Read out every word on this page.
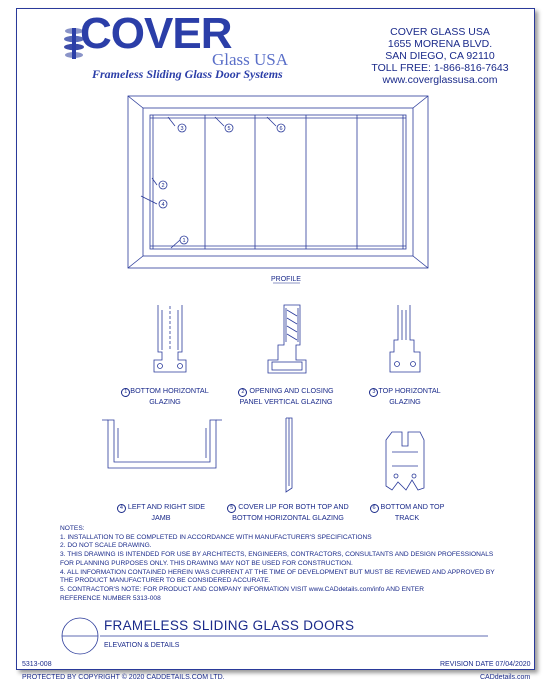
COVER
Glass USA
Frameless Sliding Glass Door Systems
COVER GLASS USA
1655 MORENA BLVD.
SAN DIEGO, CA 92110
TOLL FREE: 1-866-816-7643
www.coverglassusa.com
3	5	6
2
4
1
PROFILE
1 BOTTOM HORIZONTAL
GLAZING
2 OPENING AND CLOSING
PANEL VERTICAL GLAZING
3 TOP HORIZONTAL
GLAZING
4 LEFT AND RIGHT SIDE
JAMB
5 COVER LIP FOR BOTH TOP AND
BOTTOM HORIZONTAL GLAZING
6 BOTTOM AND TOP
TRACK
NOTES:
1. INSTALLATION TO BE COMPLETED IN ACCORDANCE WITH MANUFACTURER'S SPECIFICATIONS
2. DO NOT SCALE DRAWING.
3. THIS DRAWING IS INTENDED FOR USE BY ARCHITECTS, ENGINEERS, CONTRACTORS, CONSULTANTS AND DESIGN PROFESSIONALS
FOR PLANNING PURPOSES ONLY. THIS DRAWING MAY NOT BE USED FOR CONSTRUCTION.
4. ALL INFORMATION CONTAINED HEREIN WAS CURRENT AT THE TIME OF DEVELOPMENT BUT MUST BE REVIEWED AND APPROVED BY
THE PRODUCT MANUFACTURER TO BE CONSIDERED ACCURATE.
5. CONTRACTOR'S NOTE: FOR PRODUCT AND COMPANY INFORMATION VISIT www.CADdetails.com/info AND ENTER
REFERENCE NUMBER 5313-008
FRAMELESS SLIDING GLASS DOORS
ELEVATION & DETAILS
5313-008	REVISION DATE 07/04/2020
PROTECTED BY COPYRIGHT © 2020 CADDETAILS.COM LTD.	CADdetails.com
